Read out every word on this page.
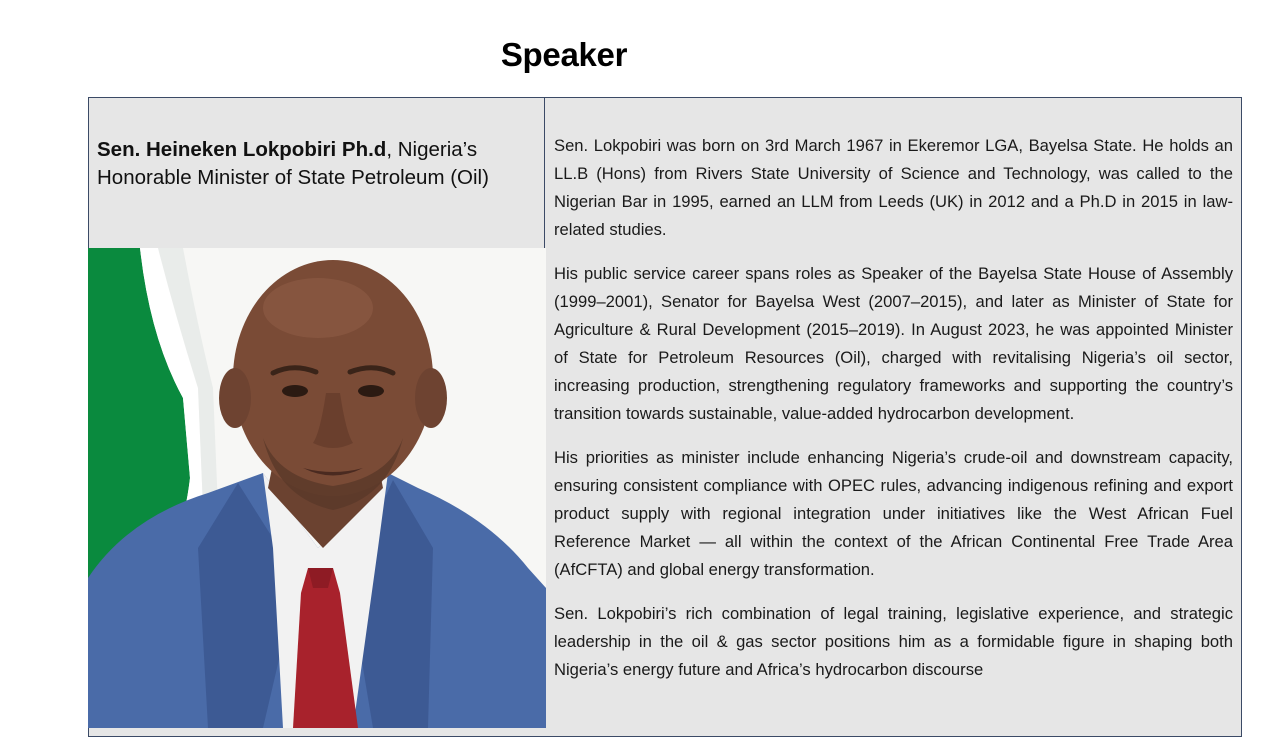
Speaker
Sen. Heineken Lokpobiri Ph.d, Nigeria’s Honorable Minister of State Petroleum (Oil)

Sen. Lokpobiri was born on 3rd March 1967 in Ekeremor LGA, Bayelsa State. He holds an LL.B (Hons) from Rivers State University of Science and Technology, was called to the Nigerian Bar in 1995, earned an LLM from Leeds (UK) in 2012 and a Ph.D in 2015 in law-related studies.

His public service career spans roles as Speaker of the Bayelsa State House of Assembly (1999–2001), Senator for Bayelsa West (2007–2015), and later as Minister of State for Agriculture & Rural Development (2015–2019). In August 2023, he was appointed Minister of State for Petroleum Resources (Oil), charged with revitalising Nigeria’s oil sector, increasing production, strengthening regulatory frameworks and supporting the country’s transition towards sustainable, value-added hydrocarbon development.

His priorities as minister include enhancing Nigeria’s crude-oil and downstream capacity, ensuring consistent compliance with OPEC rules, advancing indigenous refining and export product supply with regional integration under initiatives like the West African Fuel Reference Market — all within the context of the African Continental Free Trade Area (AfCFTA) and global energy transformation.

Sen. Lokpobiri’s rich combination of legal training, legislative experience, and strategic leadership in the oil & gas sector positions him as a formidable figure in shaping both Nigeria’s energy future and Africa’s hydrocarbon discourse
